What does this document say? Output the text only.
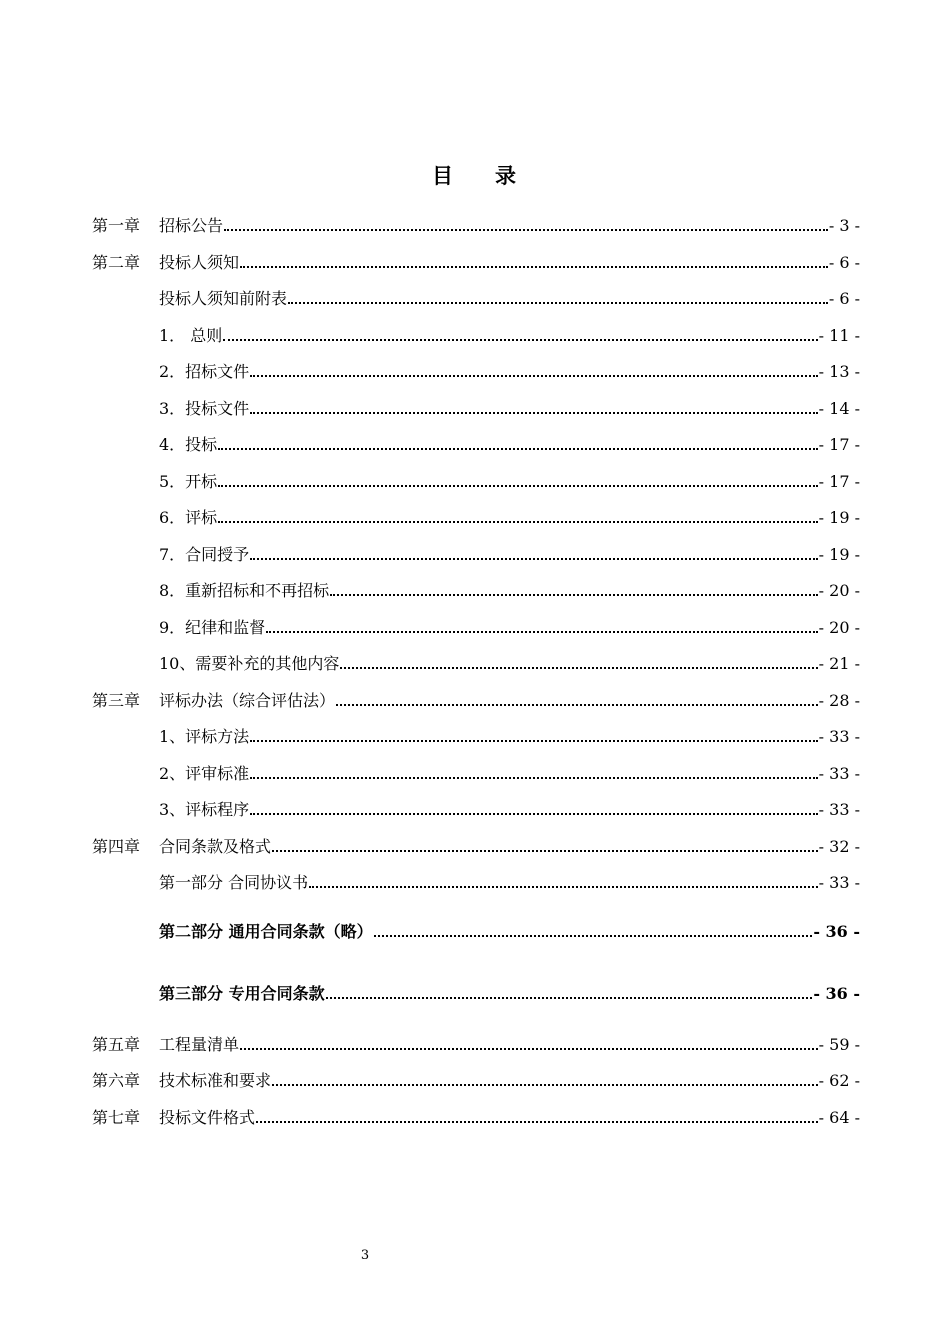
目 录
第一章	招标公告	- 3 -
第二章	投标人须知	- 6 -
投标人须知前附表	- 6 -
1． 总则	- 11 -
2．招标文件	- 13 -
3．投标文件	- 14 -
4．投标	- 17 -
5．开标	- 17 -
6．评标	- 19 -
7．合同授予	- 19 -
8．重新招标和不再招标	- 20 -
9．纪律和监督	- 20 -
10、需要补充的其他内容	- 21 -
第三章	评标办法（综合评估法）	- 28 -
1、评标方法	- 33 -
2、评审标准	- 33 -
3、评标程序	- 33 -
第四章	合同条款及格式	- 32 -
第一部分 合同协议书	- 33 -
第二部分 通用合同条款（略）	- 36 -
第三部分 专用合同条款	- 36 -
第五章	工程量清单	- 59 -
第六章	技术标准和要求	- 62 -
第七章	投标文件格式	- 64 -
3
